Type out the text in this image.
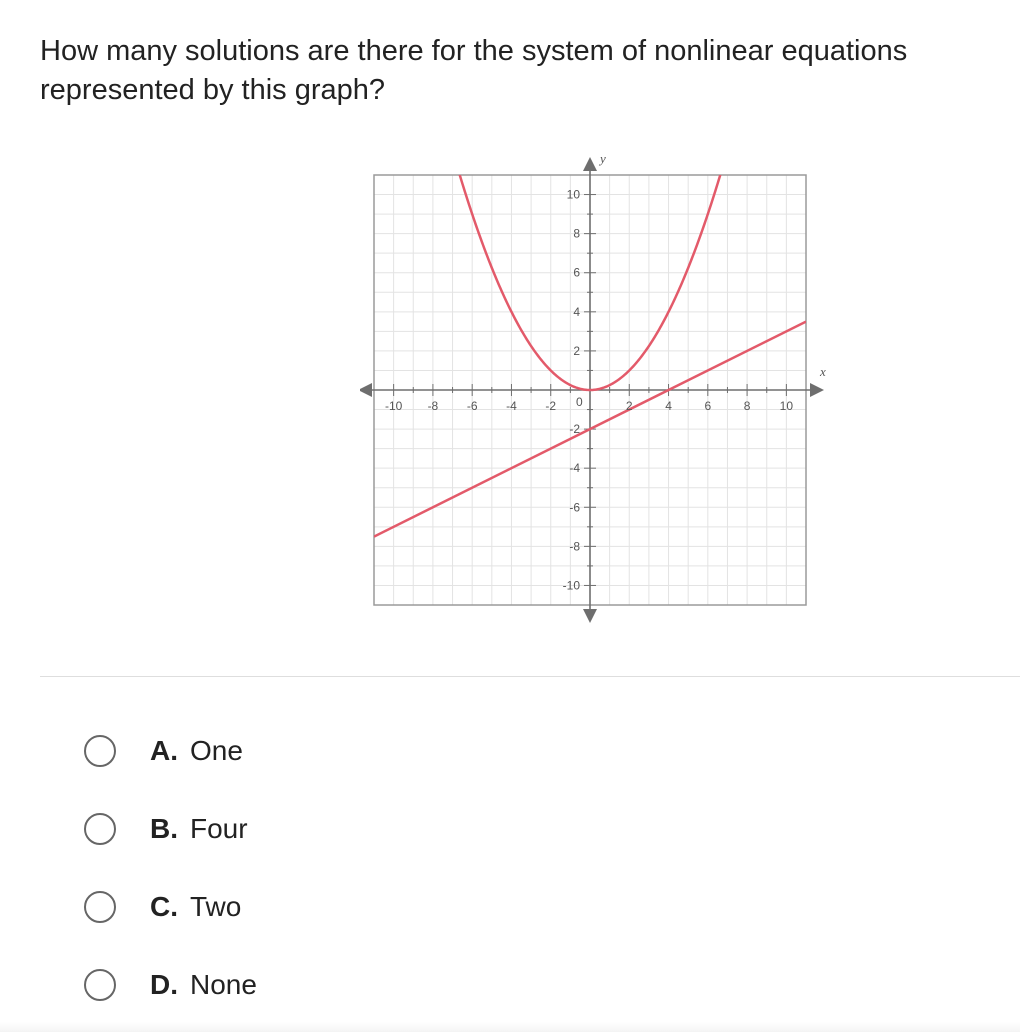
How many solutions are there for the system of nonlinear equations represented by this graph?
x
y
0
-10 -8 -6 -4 -2	2	4	6	8 10
10
8
6
4
2
-2
-4
-6
-8
-10
A. One
B. Four
C. Two
D. None
